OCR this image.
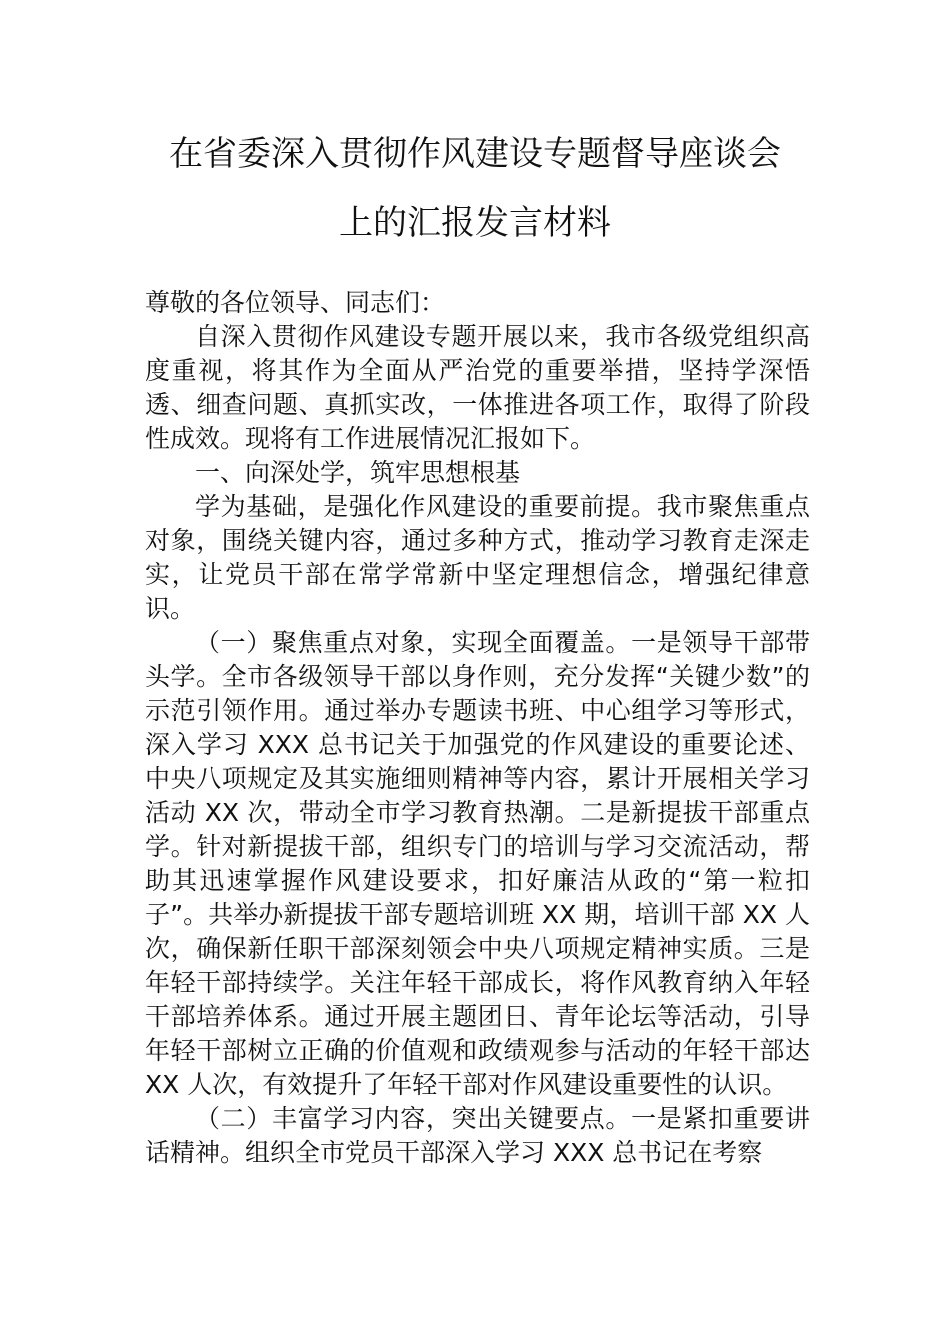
在省委深入贯彻作风建设专题督导座谈会
上的汇报发言材料

尊敬的各位领导、同志们：

自深入贯彻作风建设专题开展以来，我市各级党组织高度重视，将其作为全面从严治党的重要举措，坚持学深悟透、细查问题、真抓实改，一体推进各项工作，取得了阶段性成效。现将有工作进展情况汇报如下。

一、向深处学，筑牢思想根基

学为基础，是强化作风建设的重要前提。我市聚焦重点对象，围绕关键内容，通过多种方式，推动学习教育走深走实，让党员干部在常学常新中坚定理想信念，增强纪律意识。

（一）聚焦重点对象，实现全面覆盖。一是领导干部带头学。全市各级领导干部以身作则，充分发挥“关键少数”的示范引领作用。通过举办专题读书班、中心组学习等形式，深入学习 XXX 总书记关于加强党的作风建设的重要论述、中央八项规定及其实施细则精神等内容，累计开展相关学习活动 XX 次，带动全市学习教育热潮。二是新提拔干部重点学。针对新提拔干部，组织专门的培训与学习交流活动，帮助其迅速掌握作风建设要求，扣好廉洁从政的“第一粒扣子”。共举办新提拔干部专题培训班 XX 期，培训干部 XX 人次，确保新任职干部深刻领会中央八项规定精神实质。三是年轻干部持续学。关注年轻干部成长，将作风教育纳入年轻干部培养体系。通过开展主题团日、青年论坛等活动，引导年轻干部树立正确的价值观和政绩观参与活动的年轻干部达 XX 人次，有效提升了年轻干部对作风建设重要性的认识。

（二）丰富学习内容，突出关键要点。一是紧扣重要讲话精神。组织全市党员干部深入学习 XXX 总书记在考察
